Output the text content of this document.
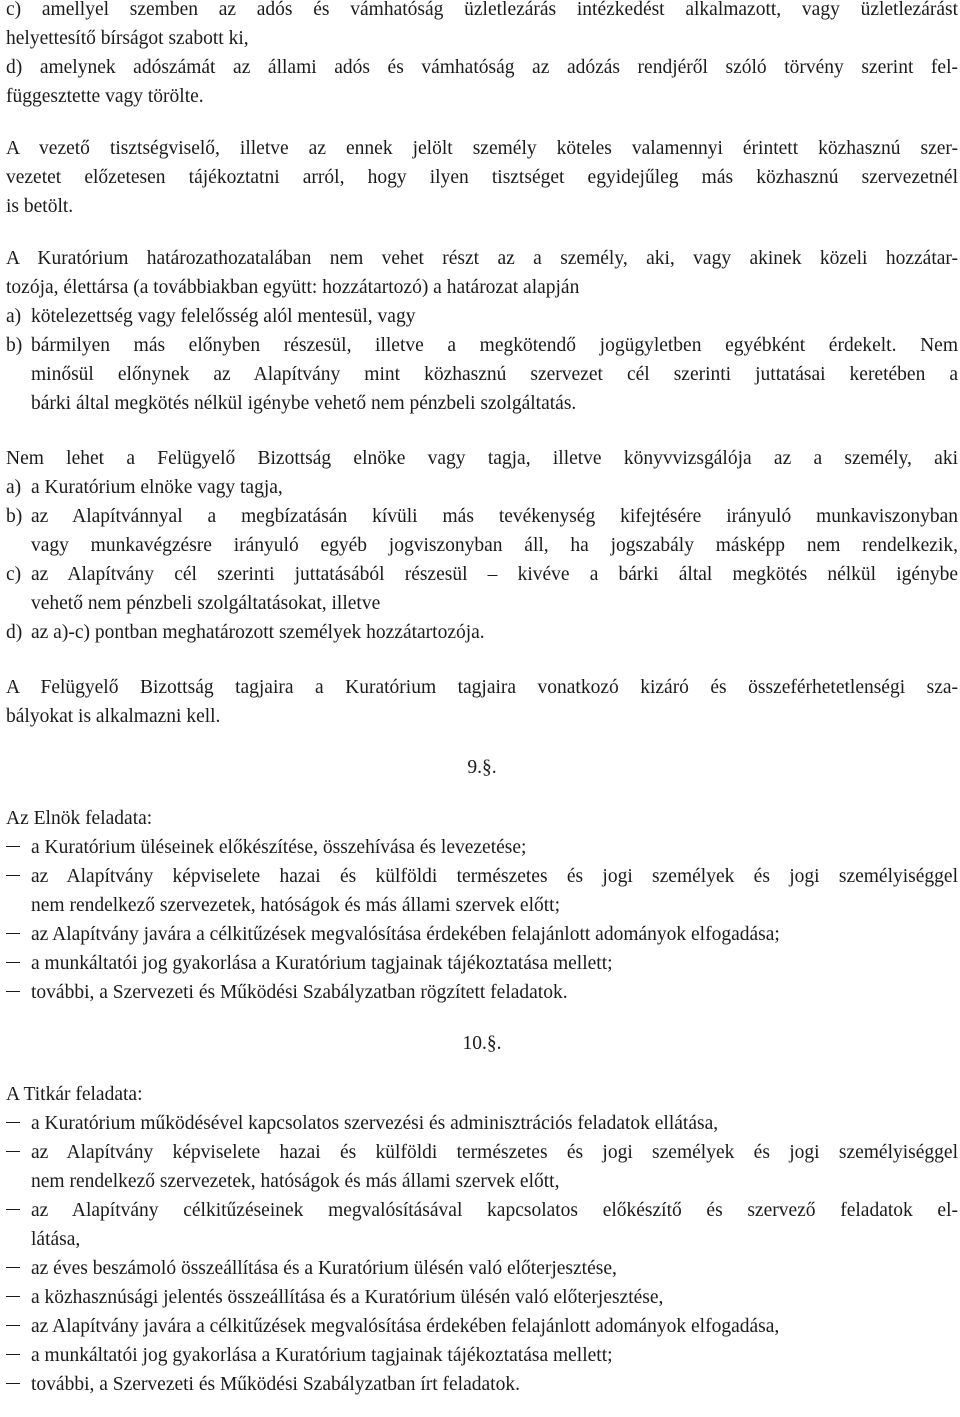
c) amellyel szemben az adós és vámhatóság üzletlezárás intézkedést alkalmazott, vagy üzletlezárást
helyettesítő bírságot szabott ki,
d) amelynek adószámát az állami adós és vámhatóság az adózás rendjéről szóló törvény szerint fel-
függesztette vagy törölte.
A vezető tisztségviselő, illetve az ennek jelölt személy köteles valamennyi érintett közhasznú szer-
vezetet előzetesen tájékoztatni arról, hogy ilyen tisztséget egyidejűleg más közhasznú szervezetnél
is betölt.
A Kuratórium határozathozatalában nem vehet részt az a személy, aki, vagy akinek közeli hozzátar-
tozója, élettársa (a továbbiakban együtt: hozzátartozó) a határozat alapján
a) kötelezettség vagy felelősség alól mentesül, vagy
b) bármilyen más előnyben részesül, illetve a megkötendő jogügyletben egyébként érdekelt. Nem
minősül előnynek az Alapítvány mint közhasznú szervezet cél szerinti juttatásai keretében a
bárki által megkötés nélkül igénybe vehető nem pénzbeli szolgáltatás.
Nem lehet a Felügyelő Bizottság elnöke vagy tagja, illetve könyvvizsgálója az a személy, aki
a) a Kuratórium elnöke vagy tagja,
b) az Alapítvánnyal a megbízatásán kívüli más tevékenység kifejtésére irányuló munkaviszonyban
vagy munkavégzésre irányuló egyéb jogviszonyban áll, ha jogszabály másképp nem rendelkezik,
c) az Alapítvány cél szerinti juttatásából részesül – kivéve a bárki által megkötés nélkül igénybe
vehető nem pénzbeli szolgáltatásokat, illetve
d) az a)-c) pontban meghatározott személyek hozzátartozója.
A Felügyelő Bizottság tagjaira a Kuratórium tagjaira vonatkozó kizáró és összeférhetetlenségi sza-
bályokat is alkalmazni kell.
9.§.
Az Elnök feladata:
a Kuratórium üléseinek előkészítése, összehívása és levezetése;
az Alapítvány képviselete hazai és külföldi természetes és jogi személyek és jogi személyiséggel
nem rendelkező szervezetek, hatóságok és más állami szervek előtt;
az Alapítvány javára a célkitűzések megvalósítása érdekében felajánlott adományok elfogadása;
a munkáltatói jog gyakorlása a Kuratórium tagjainak tájékoztatása mellett;
további, a Szervezeti és Működési Szabályzatban rögzített feladatok.
10.§.
A Titkár feladata:
a Kuratórium működésével kapcsolatos szervezési és adminisztrációs feladatok ellátása,
az Alapítvány képviselete hazai és külföldi természetes és jogi személyek és jogi személyiséggel
nem rendelkező szervezetek, hatóságok és más állami szervek előtt,
az Alapítvány célkitűzéseinek megvalósításával kapcsolatos előkészítő és szervező feladatok el-
látása,
az éves beszámoló összeállítása és a Kuratórium ülésén való előterjesztése,
a közhasznúsági jelentés összeállítása és a Kuratórium ülésén való előterjesztése,
az Alapítvány javára a célkitűzések megvalósítása érdekében felajánlott adományok elfogadása,
a munkáltatói jog gyakorlása a Kuratórium tagjainak tájékoztatása mellett;
további, a Szervezeti és Működési Szabályzatban írt feladatok.
